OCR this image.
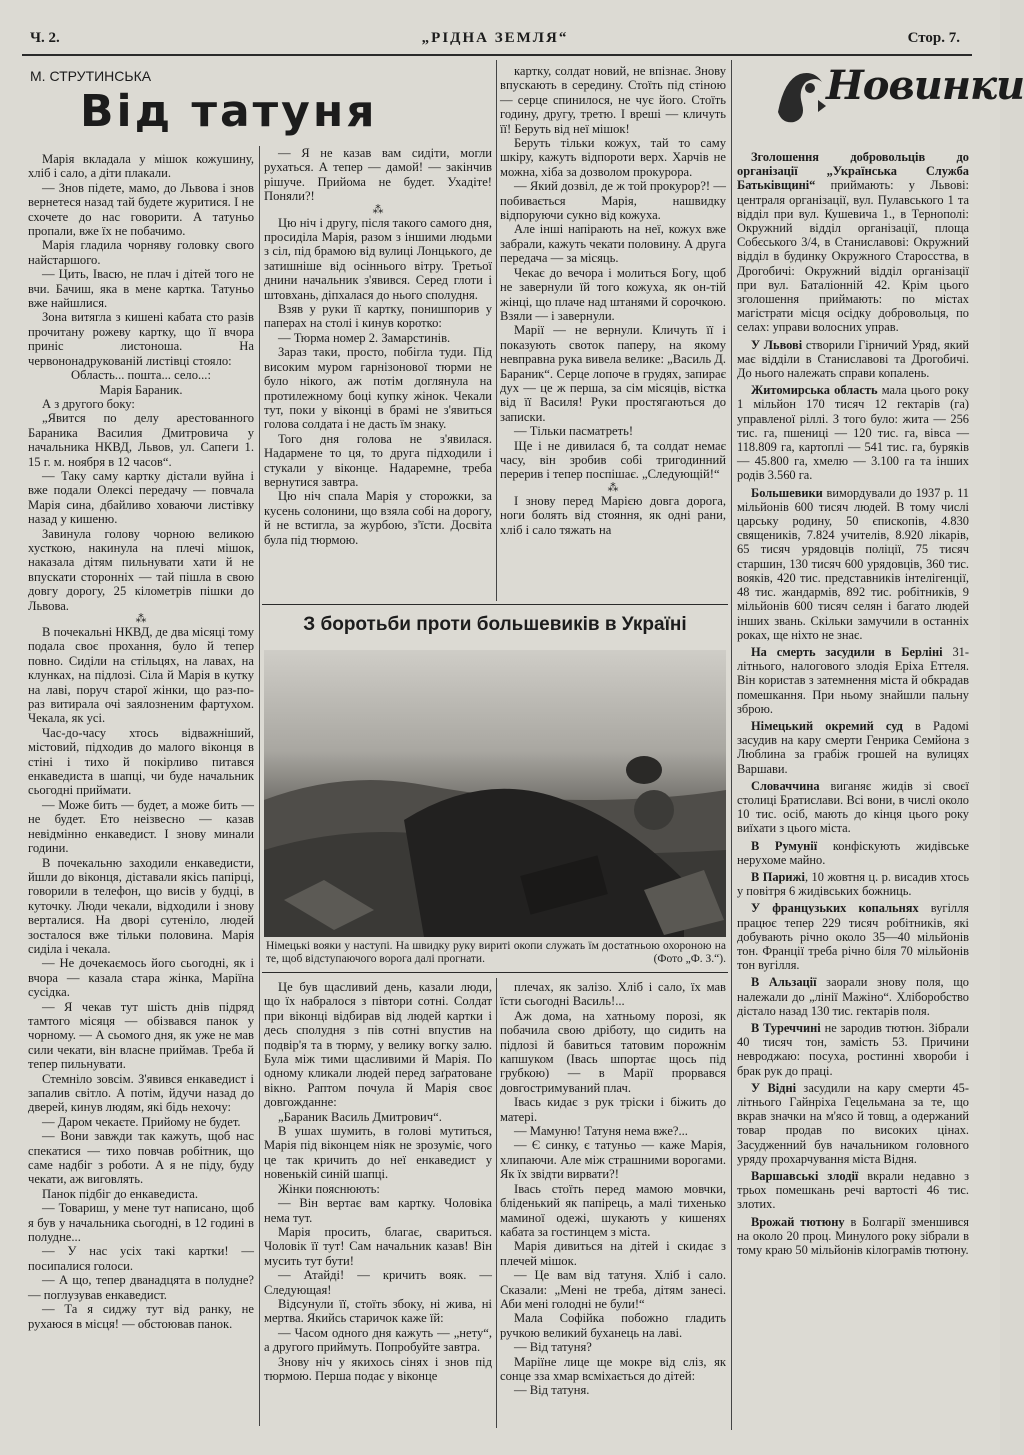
Ч. 2.	„РІДНА ЗЕМЛЯ“	Стор. 7.
М. СТРУТИНСЬКА
Від татуня

Марія вкладала у мішок кожушину, хліб і сало, а діти плакали.

— Знов підете, мамо, до Львова і знов вернетеся назад тай будете журитися. І не схочете до нас говорити. А татуньо пропали, вже їх не побачимо.

Марія гладила чорняву головку свого найстаршого.

— Цить, Івасю, не плач і дітей того не вчи. Бачиш, яка в мене картка. Татуньо вже найшлися.

Зона витягла з кишені кабата сто разів прочитану рожеву картку, що її вчора приніс листоноша. На червононадрукованій листівці стояло:

Область... пошта... село...:

Марія Бараник.

А з другого боку:

„Явится по делу арестованного Бараника Василия Дмитровича у начальника НКВД, Львов, ул. Сапеги 1. 15 г. м. ноября в 12 часов“.

— Таку саму картку дістали вуйна і вже подали Олексі передачу — повчала Марія сина, дбайливо ховаючи листівку назад у кишеню.

Завинула голову чорною великою хусткою, накинула на плечі мішок, наказала дітям пильнувати хати й не впускати сторонніх — тай пішла в свою довгу дорогу, 25 кілометрів пішки до Львова.

⁂

В почекальні НКВД, де два місяці тому подала своє прохання, було й тепер повно. Сиділи на стільцях, на лавах, на клунках, на підлозі. Сіла й Марія в кутку на лаві, поруч старої жінки, що раз-по-раз витирала очі заялозненим фартухом. Чекала, як усі.

Час-до-часу хтось відважніший, містовий, підходив до малого віконця в стіні і тихо й покірливо питався енкаведиста в шапці, чи буде начальник сьогодні приймати.

— Може бить — будет, а може бить — не будет. Ето неізвесно — казав невідмінно енкаведист. І знову минали години.

В почекальню заходили енкаведисти, йшли до віконця, діставали якісь папірці, говорили в телефон, що висів у будці, в куточку. Люди чекали, відходили і знову верталися. На дворі сутеніло, людей зосталося вже тільки половина. Марія сиділа і чекала.

— Не дочекаємось його сьогодні, як і вчора — казала стара жінка, Маріїна сусідка.

— Я чекав тут шість днів підряд тамтого місяця — обізвався панок у чорному. — А сьомого дня, як уже не мав сили чекати, він власне приймав. Треба й тепер пильнувати.

Стемніло зовсім. З'явився енкаведист і запалив світло. А потім, йдучи назад до дверей, кинув людям, які бідь нехочу:

— Даром чекаєте. Прийому не будет.

— Вони завжди так кажуть, щоб нас спекатися — тихо повчав робітник, що саме надбіг з роботи. А я не піду, буду чекати, аж виговлять.

Панок підбіг до енкаведиста.

— Товариш, у мене тут написано, щоб я був у начальника сьогодні, в 12 годині в полудне...

— У нас усіх такі картки! — посипалися голоси.

— А що, тепер дванадцята в полудне? — поглузував енкаведист.

— Та я сиджу тут від ранку, не рухаюся в місця! — обстоював панок.

— Я не казав вам сидіти, могли рухаться. А тепер — дамой! — закінчив рішуче. Прийома не будет. Ухадіте! Поняли?!

⁂

Цю ніч і другу, після такого самого дня, просиділа Марія, разом з іншими людьми з сіл, під брамою від вулиці Лонцького, де затишніше від осіннього вітру. Третьої днини начальник з'явився. Серед глоти і штовхань, діпхалася до нього сполудня.

Взяв у руки її картку, понишпорив у паперах на столі і кинув коротко:

— Тюрма номер 2. Замарстинів.

Зараз таки, просто, побігла туди. Під високим муром гарнізонової тюрми не було нікого, аж потім доглянула на протилежному боці купку жінок. Чекали тут, поки у віконці в брамі не з'явиться голова солдата і не дасть їм знаку.

Того дня голова не з'явилася. Надармене то ця, то друга підходили і стукали у віконце. Надаремне, треба вернутися завтра.

Цю ніч спала Марія у сторожки, за кусень солонини, що взяла собі на дорогу, й не встигла, за журбою, з'їсти. Досвіта була під тюрмою.

картку, солдат новий, не впізнає. Знову впускають в середину. Стоїть під стіною — серце спинилося, не чує його. Стоїть годину, другу, третю. І вреші — кличуть її! Беруть від неї мішок!

Беруть тільки кожух, тай то саму шкіру, кажуть відпороти верх. Харчів не можна, хіба за дозволом прокурора.

— Який дозвіл, де ж той прокурор?! — побивається Марія, нашвидку відпоруючи сукно від кожуха.

Але інші напірають на неї, кожух вже забрали, кажуть чекати половину. А друга передача — за місяць.

Чекає до вечора і молиться Богу, щоб не завернули їй того кожуха, як он-тій жінці, що плаче над штанями й сорочкою. Взяли — і завернули.

Марії — не вернули. Кличуть її і показують своток паперу, на якому невправна рука вивела велике: „Василь Д. Бараник“. Серце лопоче в грудях, запирає дух — це ж перша, за сім місяців, вістка від її Василя! Руки простягаються до записки.

— Тільки пасматреть!

Ще і не дивилася б, та солдат немає часу, він зробив собі тригодинний перерив і тепер поспішає. „Следующій!“

⁂

І знову перед Марією довга дорога, ноги болять від стояння, як одні рани, хліб і сало тяжать на

З боротьби проти большевиків в Україні
Німецькі вояки у наступі. На швидку руку вириті окопи служать їм достатньою охороною на те, щоб відступаючого ворога далі прогнати.	(Фото „Ф. З.“).

Це був щасливий день, казали люди, що їх набралося з півтори сотні. Солдат при віконці відбирав від людей картки і десь сполудня з пів сотні впустив на подвір'я та в тюрму, у велику вогку залю. Була між тими щасливими й Марія. По одному кликали людей перед заґратоване вікно. Раптом почула й Марія своє довгожданне:

„Бараник Василь Дмитрович“.

В ушах шумить, в голові мутиться, Марія під віконцем ніяк не зрозуміє, чого це так кричить до неї енкаведист у новенькій синій шапці.

Жінки пояснюють:

— Він вертає вам картку. Чоловіка нема тут.

Марія просить, благає, свариться. Чоловік її тут! Сам начальник казав! Він мусить тут бути!

— Атайді! — кричить вояк. — Следующая!

Відсунули її, стоїть збоку, ні жива, ні мертва. Якийсь старичок каже їй:

— Часом одного дня кажуть — „нету“, а другого приймуть. Попробуйте завтра.

Знову ніч у якихось сінях і знов під тюрмою. Перша подає у віконце

плечах, як залізо. Хліб і сало, їх мав їсти сьогодні Василь!...

Аж дома, на хатньому порозі, як побачила свою дріботу, що сидить на підлозі й бавиться татовим порожнім капшуком (Івась шпортає щось під грубкою) — в Марії прорвався довгостримуваний плач.

Івась кидає з рук тріски і біжить до матері.

— Мамуню! Татуня нема вже?...

— Є синку, є татуньо — каже Марія, хлипаючи. Але між страшними ворогами. Як їх звідти вирвати?!

Івась стоїть перед мамою мовчки, бліденький як папірець, а малі тихенько маминої одежі, шукають у кишенях кабата за гостинцем з міста.

Марія дивиться на дітей і скидає з плечей мішок.

— Це вам від татуня. Хліб і сало. Сказали: „Мені не треба, дітям занесі. Аби мені голодні не були!“

Мала Софійка побожно гладить ручкою великий буханець на лаві.

— Від татуня?

Маріїне лице ще мокре від сліз, як сонце зза хмар всміхається до дітей:

— Від татуня.

Новинки

Зголошення добровольців до організації „Українська Служба Батьківщині“ приймають: у Львові: централя організації, вул. Пулавського 1 та відділ при вул. Кушевича 1., в Тернополі: Окружний відділ організації, площа Собєського 3/4, в Станиславові: Окружний відділ в будинку Окружного Старосства, в Дрогобичі: Окружний відділ організації при вул. Баталіонній 42. Крім цього зголошення приймають: по містах магістрати місця осідку добровольця, по селах: управи волосних управ.

У Львові створили Гірничий Уряд, який має відділи в Станиславові та Дрогобичі. До нього належать справи копалень.

Житомирська область мала цього року 1 мільйон 170 тисяч 12 гектарів (га) управленої ріллі. З того було: жита — 256 тис. га, пшениці — 120 тис. га, вівса — 118.809 га, картоплі — 541 тис. га, буряків — 45.800 га, хмелю — 3.100 га та інших родів 3.560 га.

Большевики вимордували до 1937 р. 11 мільйонів 600 тисяч людей. В тому числі царську родину, 50 єпископів, 4.830 священиків, 7.824 учителів, 8.920 лікарів, 65 тисяч урядовців поліції, 75 тисяч старшин, 130 тисяч 600 урядовців, 360 тис. вояків, 420 тис. представників інтелігенції, 48 тис. жандармів, 892 тис. робітників, 9 мільйонів 600 тисяч селян і багато людей інших звань. Скільки замучили в останніх роках, ще ніхто не знає.

На смерть засудили в Берліні 31-літнього, налогового злодія Еріха Еттеля. Він користав з затемнення міста й обкрадав помешкання. При ньому знайшли пальну зброю.

Німецький окремий суд в Радомі засудив на кару смерти Генрика Семйона з Люблина за грабіж грошей на вулицях Варшави.

Словаччина виганяє жидів зі своєї столиці Братислави. Всі вони, в числі около 10 тис. осіб, мають до кінця цього року виїхати з цього міста.

В Румунії конфіскують жидівське нерухоме майно.

В Парижі, 10 жовтня ц. р. висадив хтось у повітря 6 жидівських божниць.

У французьких копальнях вугілля працює тепер 229 тисяч робітників, які добувають річно около 35—40 мільйонів тон. Франції треба річно біля 70 мільйонів тон вугілля.

В Альзації заорали знову поля, що належали до „лінії Мажіно“. Хліборобство дістало назад 130 тис. гектарів поля.

В Туреччині не зародив тютюн. Зібрали 40 тисяч тон, замість 53. Причини невроджаю: посуха, ростинні хвороби і брак рук до праці.

У Відні засудили на кару смерти 45-літнього Гайнріха Гецельмана за те, що вкрав значки на м'ясо й товщ, а одержаний товар продав по високих цінах. Засудженний був начальником головного уряду прохарчування міста Відня.

Варшавські злодії вкрали недавно з трьох помешкань речі вартості 46 тис. злотих.

Врожай тютюну в Болгарії зменшився на около 20 проц. Минулого року зібрали в тому краю 50 мільйонів кілограмів тютюну.
